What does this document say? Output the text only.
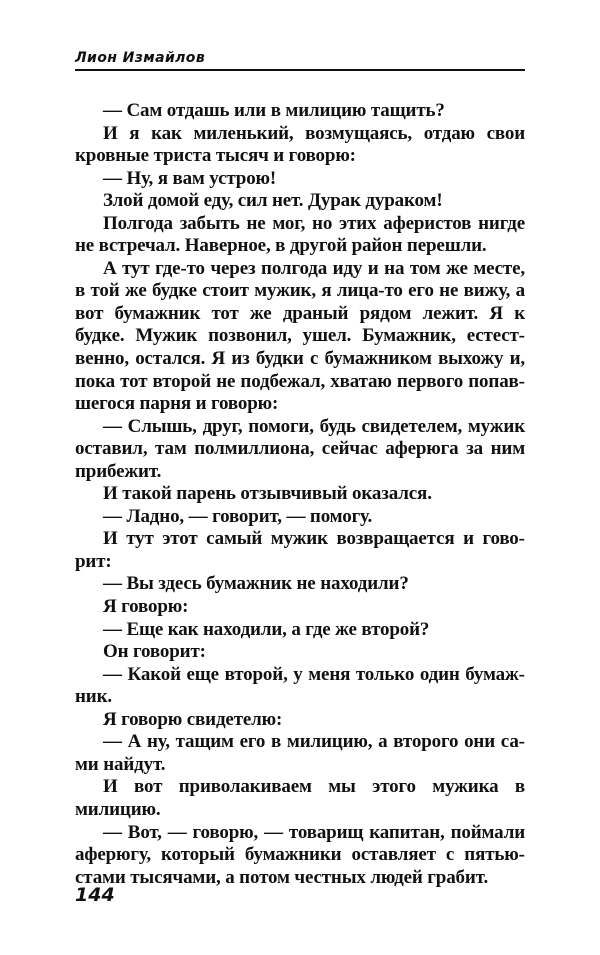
Лион Измайлов

— Сам отдашь или в милицию тащить?

И я как миленький, возмущаясь, отдаю свои кровные триста тысяч и говорю:

— Ну, я вам устрою!

Злой домой еду, сил нет. Дурак дураком!

Полгода забыть не мог, но этих аферистов нигде не встречал. Наверное, в другой район перешли.

А тут где-то через полгода иду и на том же месте, в той же будке стоит мужик, я лица-то его не вижу, а вот бумажник тот же драный рядом лежит. Я к будке. Мужик позвонил, ушел. Бумажник, естественно, остался. Я из будки с бумажником выхожу и, пока тот второй не подбежал, хватаю первого попавшегося парня и говорю:

— Слышь, друг, помоги, будь свидетелем, мужик оставил, там полмиллиона, сейчас аферюга за ним прибежит.

И такой парень отзывчивый оказался.

— Ладно, — говорит, — помогу.

И тут этот самый мужик возвращается и говорит:

— Вы здесь бумажник не находили?

Я говорю:

— Еще как находили, а где же второй?

Он говорит:

— Какой еще второй, у меня только один бумажник.

Я говорю свидетелю:

— А ну, тащим его в милицию, а второго они сами найдут.

И вот приволакиваем мы этого мужика в милицию.

— Вот, — говорю, — товарищ капитан, поймали аферюгу, который бумажники оставляет с пятьюстами тысячами, а потом честных людей грабит.

144
